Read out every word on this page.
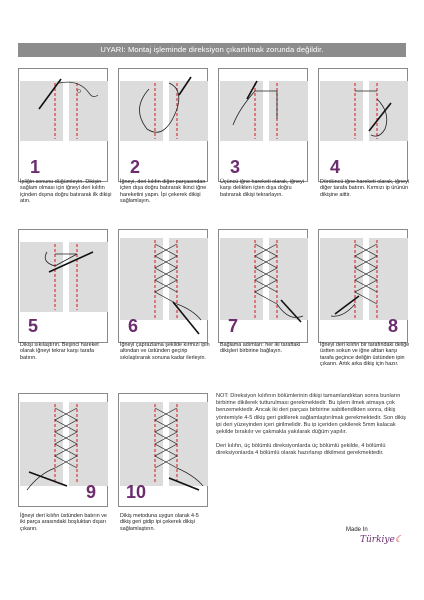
UYARI: Montaj işleminde direksiyon çıkartılmak zorunda değildir.
1
İpliğin sonunu düğümleyin. Dikişin sağlam olması için iğneyi deri kılıfın içinden dışına doğru batırarak ilk dikişi atın.
2
İğneyi, deri kılıfın diğer parçasından içten dışa doğru batırarak ikinci iğne hareketini yapın. İpi çekerek dikişi sağlamlayın.
3
Üçüncü iğne hareketi olarak, iğneyi karşı delikten içten dışa doğru batırarak dikişi tekrarlayın.
4
Dördüncü iğne hareketi olarak, iğneyi diğer tarafa batırın. Kırmızı ip ürünün dikişine aittir.
5
Dikişi sıkılaştırın. Beşinci hareket olarak iğneyi tekrar karşı tarafa batırın.
6
İğneyi çaprazlama şekilde kırmızı ipin altından ve üstünden geçirip sıkılaştırarak sonuna kadar ilerleyin.
7
Bağlama adımları: her iki taraftaki dikişleri birbirine bağlayın.
8
İğneyi deri kılıfın bir tarafındaki deliğe üstten sokun ve iğne alttan karşı tarafa geçince deliğin üstünden ipin çıkarın. Artık arka dikiş için hazır.
9
İğneyi deri kılıfın üstünden batırın ve iki parça arasındaki boşluktan dışarı çıkarın.
10
Dikiş metoduna uygun olarak 4-5 dikiş geri gidip ipi çekerek dikişi sağlamlaştırın.

NOT: Direksiyon kılıfının bölümlerinin dikişi tamamlandıktan sonra bunların birbirine dikilerek tutturulması gerekmektedir. Bu işlem ilmek atmaya çok benzemektedir. Ancak iki deri parçası birbirine sabitlendikten sonra, dikiş yöntemiyle 4-5 dikiş geri gidilerek sağlamlaştırılmak gerekmektedir. Son dikiş ipi deri yüzeyinden içeri girilmelidir. Bu ip içeriden çekilerek 5mm kalacak şekilde bırakılır ve çakmakla yakılarak düğüm yapılır.

Deri kılıfın, üç bölümlü direksiyonlarda üç bölümlü şekilde, 4 bölümlü direksiyonlarda 4 bölümlü olarak hazırlanıp dikilmesi gerekmektedir.

Made In
Türkiye☾
